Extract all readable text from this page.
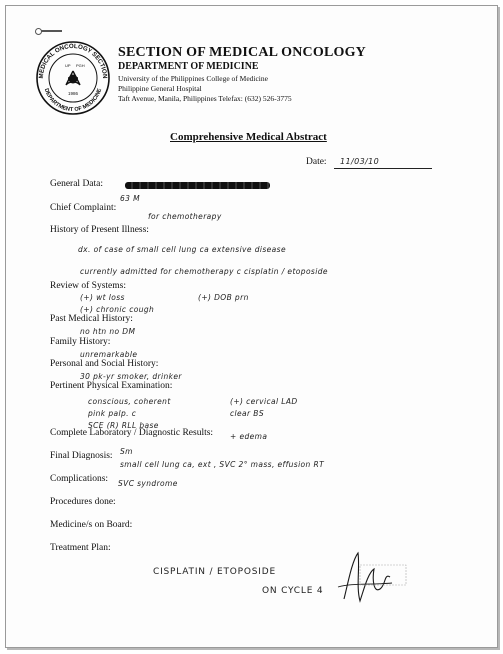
MEDICAL ONCOLOGY SECTION
DEPARTMENT OF MEDICINE
UP PGH
1986
SECTION OF MEDICAL ONCOLOGY
DEPARTMENT OF MEDICINE
University of the Philippines College of Medicine
Philippine General Hospital
Taft Avenue, Manila, Philippines Telefax: (632) 526-3775
Comprehensive Medical Abstract
Date: 11/03/10
General Data:
63 M
Chief Complaint:
for chemotherapy
History of Present Illness:
dx. of case of small cell lung ca extensive disease
currently admitted for chemotherapy c cisplatin / etoposide
Review of Systems:
(+) wt loss	(+) DOB prn
(+) chronic cough
Past Medical History:
no htn no DM
Family History:
unremarkable
Personal and Social History:
30 pk-yr smoker, drinker
Pertinent Physical Examination:
conscious, coherent	(+) cervical LAD
pink palp. c	clear BS
SCE (R) RLL base
Complete Laboratory / Diagnostic Results: + edema
Sm
Final Diagnosis:
small cell lung ca, ext , SVC 2° mass, effusion RT
Complications: SVC syndrome
Procedures done:
Medicine/s on Board:
Treatment Plan:
CISPLATIN / ETOPOSIDE
ON CYCLE 4
